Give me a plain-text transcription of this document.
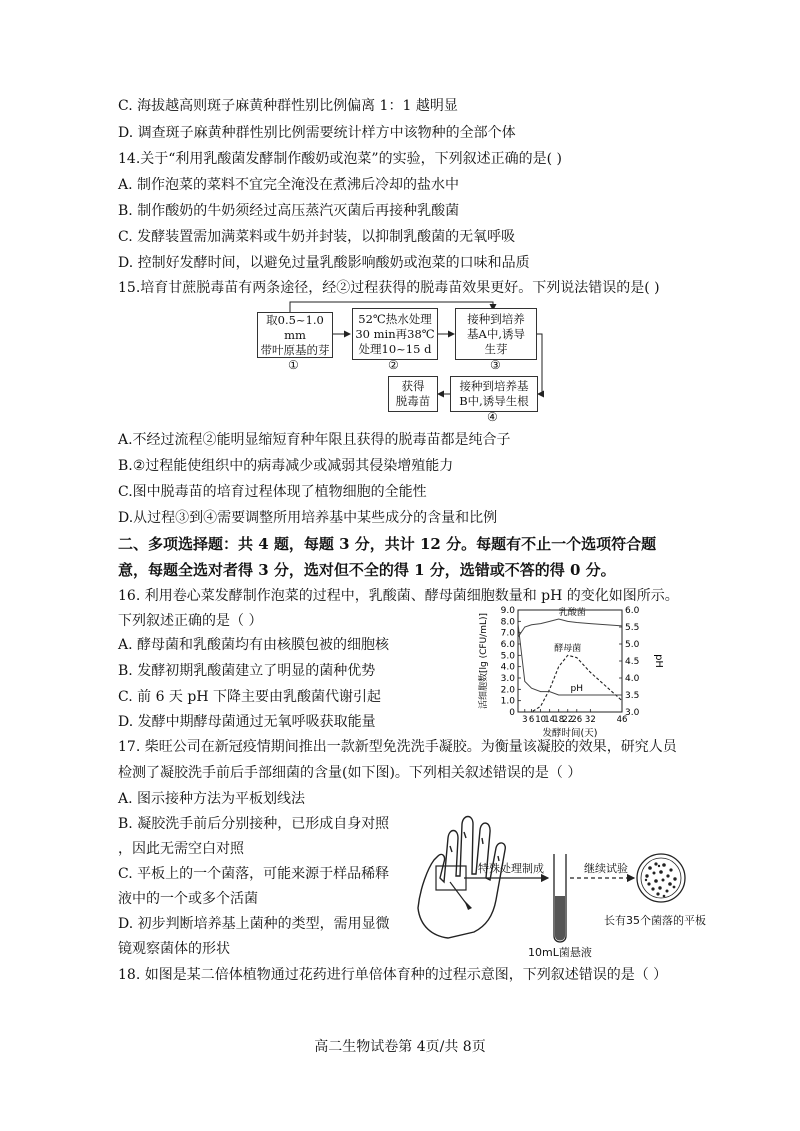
C. 海拔越高则斑子麻黄种群性别比例偏离 1：1 越明显
D. 调查斑子麻黄种群性别比例需要统计样方中该物种的全部个体
14.关于“利用乳酸菌发酵制作酸奶或泡菜”的实验，下列叙述正确的是( )
A. 制作泡菜的菜料不宜完全淹没在煮沸后冷却的盐水中
B. 制作酸奶的牛奶须经过高压蒸汽灭菌后再接种乳酸菌
C. 发酵装置需加满菜料或牛奶并封装，以抑制乳酸菌的无氧呼吸
D. 控制好发酵时间，以避免过量乳酸影响酸奶或泡菜的口味和品质
15.培育甘蔗脱毒苗有两条途径，经②过程获得的脱毒苗效果更好。下列说法错误的是( )
取0.5~1.0 mm
带叶原基的芽
52℃热水处理
30 min再38℃
处理10~15 d
接种到培养
基A中,诱导
生芽
接种到培养基
B中,诱导生根
获得
脱毒苗
①	②	③
④
A.不经过流程②能明显缩短育种年限且获得的脱毒苗都是纯合子
B.②过程能使组织中的病毒减少或减弱其侵染增殖能力
C.图中脱毒苗的培育过程体现了植物细胞的全能性
D.从过程③到④需要调整所用培养基中某些成分的含量和比例
二、多项选择题：共 4 题，每题 3 分，共计 12 分。每题有不止一个选项符合题
意，每题全选对者得 3 分，选对但不全的得 1 分，选错或不答的得 0 分。
16. 利用卷心菜发酵制作泡菜的过程中，乳酸菌、酵母菌细胞数量和 pH 的变化如图所示。
下列叙述正确的是（ ）
A. 酵母菌和乳酸菌均有由核膜包被的细胞核
B. 发酵初期乳酸菌建立了明显的菌种优势
C. 前 6 天 pH 下降主要由乳酸菌代谢引起
D. 发酵中期酵母菌通过无氧呼吸获取能量
0
1.0
2.0
3.0
4.0
5.0
6.0
7.0
8.0
9.0
3.0
3.5
4.0
4.5
5.0
5.5
6.0
3 6 10
14
18
22
26 32 46
发酵时间(天)
活细胞数[lg (CFU/mL)]	pH
乳酸菌
酵母菌
pH
17. 柴旺公司在新冠疫情期间推出一款新型免洗洗手凝胶。为衡量该凝胶的效果，研究人员
检测了凝胶洗手前后手部细菌的含量(如下图)。下列相关叙述错误的是（ ）
A. 图示接种方法为平板划线法
B. 凝胶洗手前后分别接种，已形成自身对照
，因此无需空白对照
C. 平板上的一个菌落，可能来源于样品稀释
液中的一个或多个活菌
D. 初步判断培养基上菌种的类型，需用显微
镜观察菌体的形状
特殊处理制成	继续试验
10mL菌悬液
长有35个菌落的平板
18. 如图是某二倍体植物通过花药进行单倍体育种的过程示意图，下列叙述错误的是（ ）
高二生物试卷第 4页/共 8页
